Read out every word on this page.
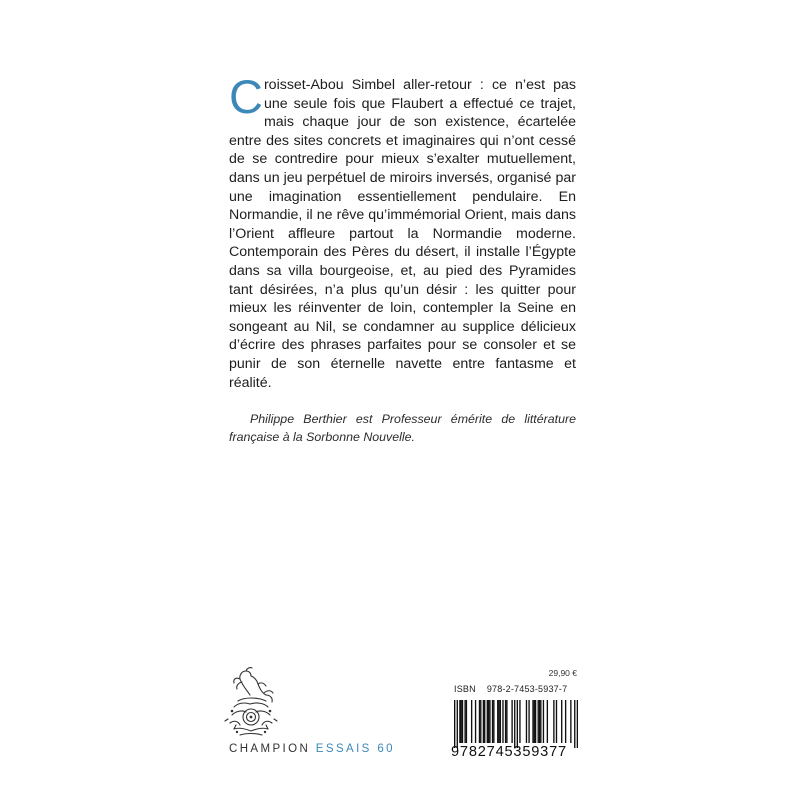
Croisset-Abou Simbel aller-retour : ce n’est pas une seule fois que Flaubert a effectué ce trajet, mais chaque jour de son existence, écartelée entre des sites concrets et imaginaires qui n’ont cessé de se contredire pour mieux s’exalter mutuellement, dans un jeu perpétuel de miroirs inversés, organisé par une imagination essentiellement pendulaire. En Normandie, il ne rêve qu’immémorial Orient, mais dans l’Orient affleure partout la Normandie moderne. Contemporain des Pères du désert, il installe l’Égypte dans sa villa bourgeoise, et, au pied des Pyramides tant désirées, n’a plus qu’un désir : les quitter pour mieux les réinventer de loin, contempler la Seine en songeant au Nil, se condamner au supplice délicieux d’écrire des phrases parfaites pour se consoler et se punir de son éternelle navette entre fantasme et réalité.

Philippe Berthier est Professeur émérite de littérature française à la Sorbonne Nouvelle.

CHAMPION ESSAIS 60
29,90 €
ISBN 978-2-7453-5937-7
9782745359377
